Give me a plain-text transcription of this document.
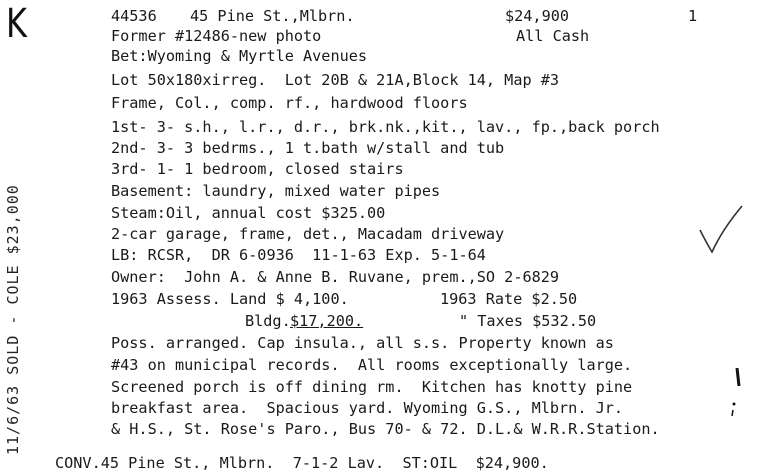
K
11/6/63 SOLD - COLE $23,000
44536 45 Pine St.,Mlbrn.	$24,900	1
Former #12486-new photo	All Cash
Bet:Wyoming & Myrtle Avenues
Lot 50x180xirreg.  Lot 20B & 21A,Block 14, Map #3
Frame, Col., comp. rf., hardwood floors
1st- 3- s.h., l.r., d.r., brk.nk.,kit., lav., fp.,back porch
2nd- 3- 3 bedrms., 1 t.bath w/stall and tub
3rd- 1- 1 bedroom, closed stairs
Basement: laundry, mixed water pipes
Steam:Oil, annual cost $325.00
2-car garage, frame, det., Macadam driveway
LB: RCSR,  DR 6-0936  11-1-63 Exp. 5-1-64
Owner:  John A. & Anne B. Ruvane, prem.,SO 2-6829
1963 Assess. Land $ 4,100.	1963 Rate $2.50
Bldg. $17,200.	" Taxes $532.50
Poss. arranged. Cap insula., all s.s. Property known as
#43 on municipal records.  All rooms exceptionally large.
Screened porch is off dining rm.  Kitchen has knotty pine
breakfast area.  Spacious yard. Wyoming G.S., Mlbrn. Jr.
& H.S., St. Rose's Paro., Bus 70- & 72. D.L.& W.R.R.Station.
CONV.45 Pine St., Mlbrn.  7-1-2 Lav.  ST:OIL  $24,900.
